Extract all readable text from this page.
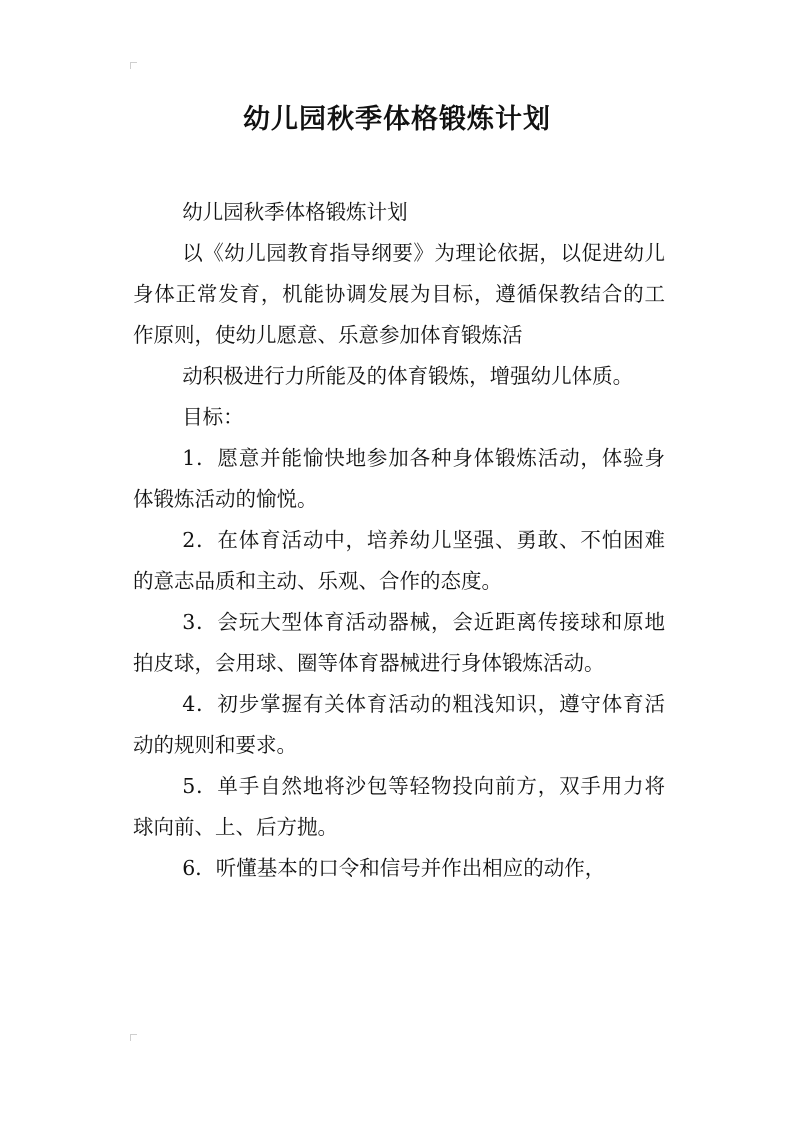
幼儿园秋季体格锻炼计划

幼儿园秋季体格锻炼计划

以《幼儿园教育指导纲要》为理论依据，以促进幼儿身体正常发育，机能协调发展为目标，遵循保教结合的工作原则，使幼儿愿意、乐意参加体育锻炼活

动积极进行力所能及的体育锻炼，增强幼儿体质。

目标：

1．愿意并能愉快地参加各种身体锻炼活动，体验身体锻炼活动的愉悦。

2．在体育活动中，培养幼儿坚强、勇敢、不怕困难的意志品质和主动、乐观、合作的态度。

3．会玩大型体育活动器械，会近距离传接球和原地拍皮球，会用球、圈等体育器械进行身体锻炼活动。

4．初步掌握有关体育活动的粗浅知识，遵守体育活动的规则和要求。

5．单手自然地将沙包等轻物投向前方，双手用力将球向前、上、后方抛。

6．听懂基本的口令和信号并作出相应的动作，
